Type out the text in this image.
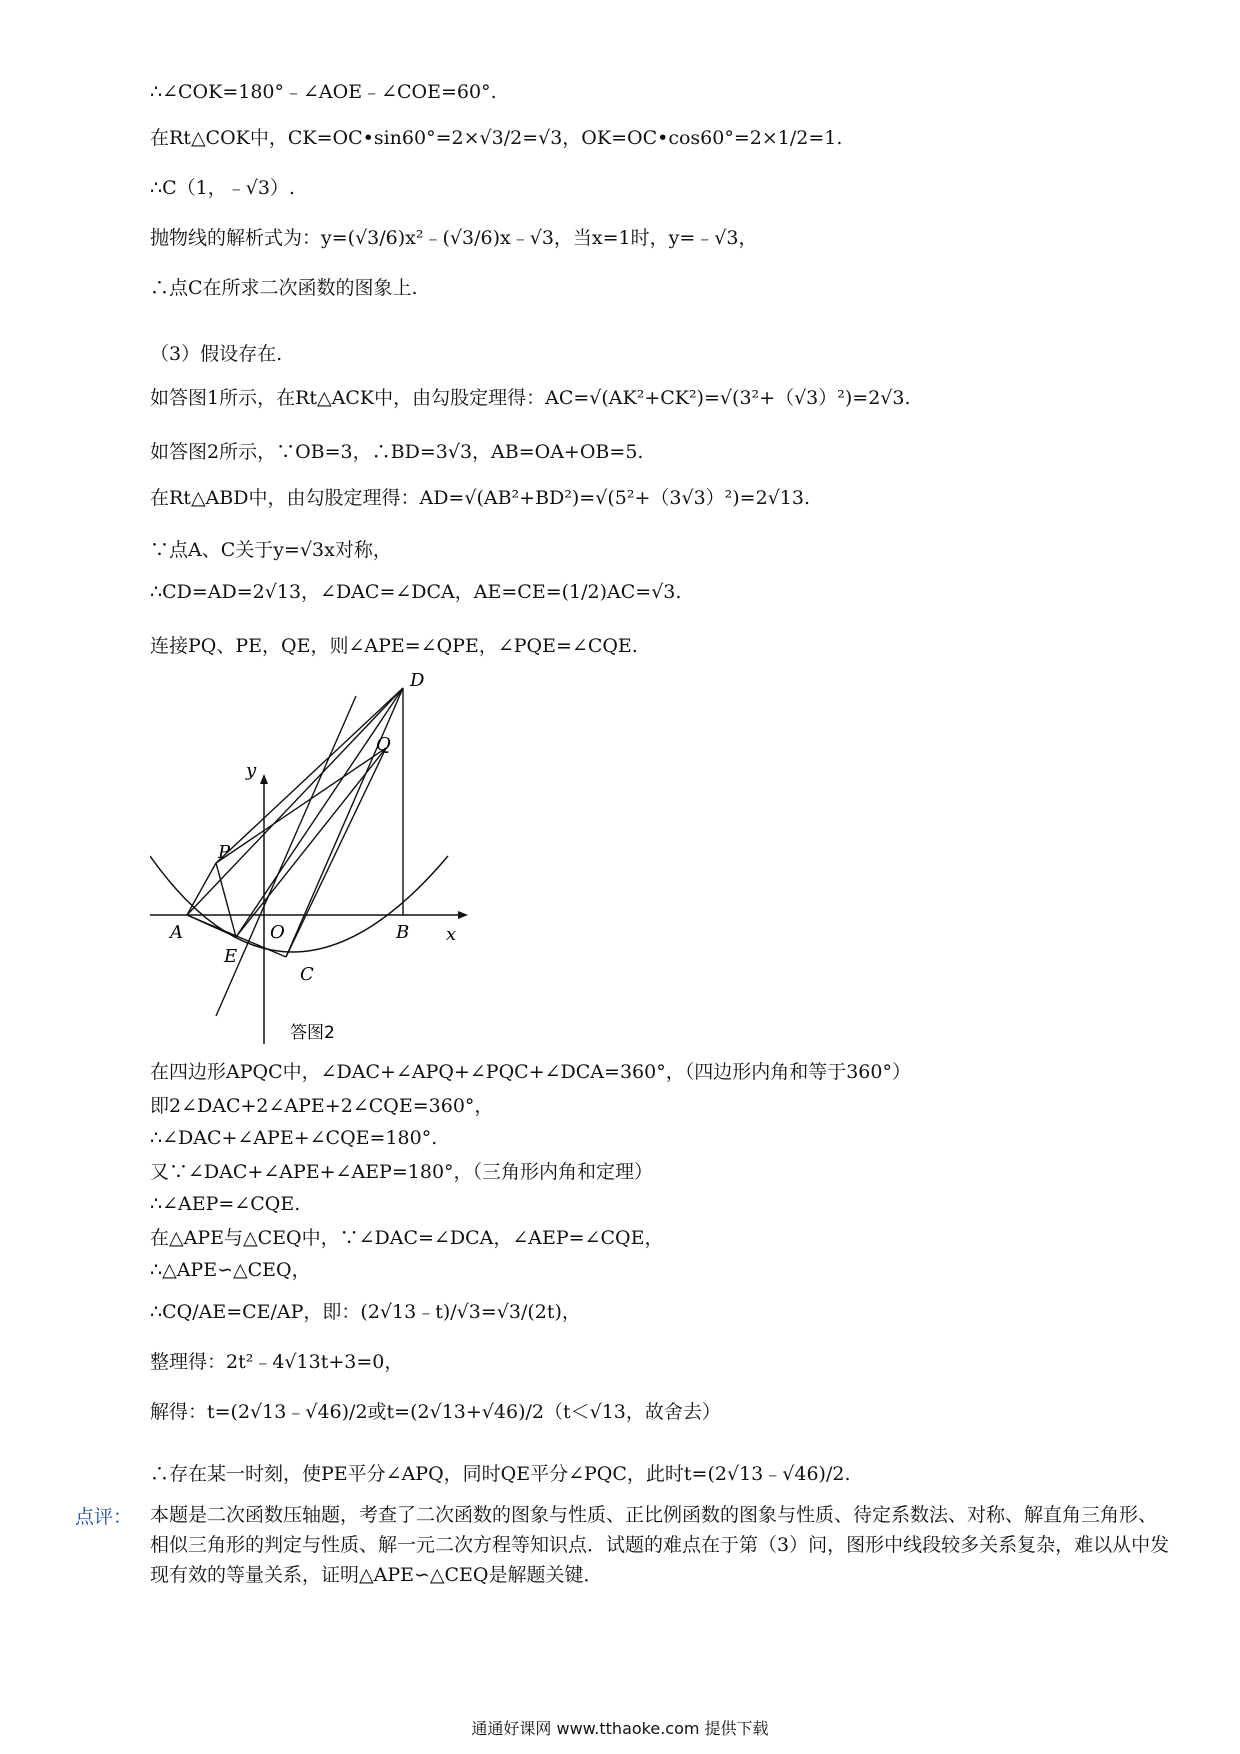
∴∠COK=180°﹣∠AOE﹣∠COE=60°.
在Rt△COK中，CK=OC•sin60°=2×√3/2=√3，OK=OC•cos60°=2×1/2=1.
∴C（1，﹣√3）.
抛物线的解析式为：y=(√3/6)x²﹣(√3/6)x﹣√3，当x=1时，y=﹣√3，
∴点C在所求二次函数的图象上.
（3）假设存在.
如答图1所示，在Rt△ACK中，由勾股定理得：AC=√(AK²+CK²)=√(3²+（√3）²)=2√3.
如答图2所示，∵OB=3，∴BD=3√3，AB=OA+OB=5.
在Rt△ABD中，由勾股定理得：AD=√(AB²+BD²)=√(5²+（3√3）²)=2√13.
∵点A、C关于y=√3x对称，
∴CD=AD=2√13，∠DAC=∠DCA，AE=CE=(1/2)AC=√3.
连接PQ、PE，QE，则∠APE=∠QPE，∠PQE=∠CQE.
D
Q
y
P
A	O	B x
E
C
答图2
在四边形APQC中，∠DAC+∠APQ+∠PQC+∠DCA=360°，（四边形内角和等于360°）
即2∠DAC+2∠APE+2∠CQE=360°，
∴∠DAC+∠APE+∠CQE=180°.
又∵∠DAC+∠APE+∠AEP=180°，（三角形内角和定理）
∴∠AEP=∠CQE.
在△APE与△CEQ中，∵∠DAC=∠DCA，∠AEP=∠CQE，
∴△APE∽△CEQ，
∴CQ/AE=CE/AP，即：(2√13﹣t)/√3=√3/(2t)，
整理得：2t²﹣4√13t+3=0，
解得：t=(2√13﹣√46)/2或t=(2√13+√46)/2（t＜√13，故舍去）
∴存在某一时刻，使PE平分∠APQ，同时QE平分∠PQC，此时t=(2√13﹣√46)/2.
点评： 本题是二次函数压轴题，考查了二次函数的图象与性质、正比例函数的图象与性质、待定系数法、对称、解直角三角形、相似三角形的判定与性质、解一元二次方程等知识点．试题的难点在于第（3）问，图形中线段较多关系复杂，难以从中发现有效的等量关系，证明△APE∽△CEQ是解题关键．
通通好课网 www.tthaoke.com 提供下载
